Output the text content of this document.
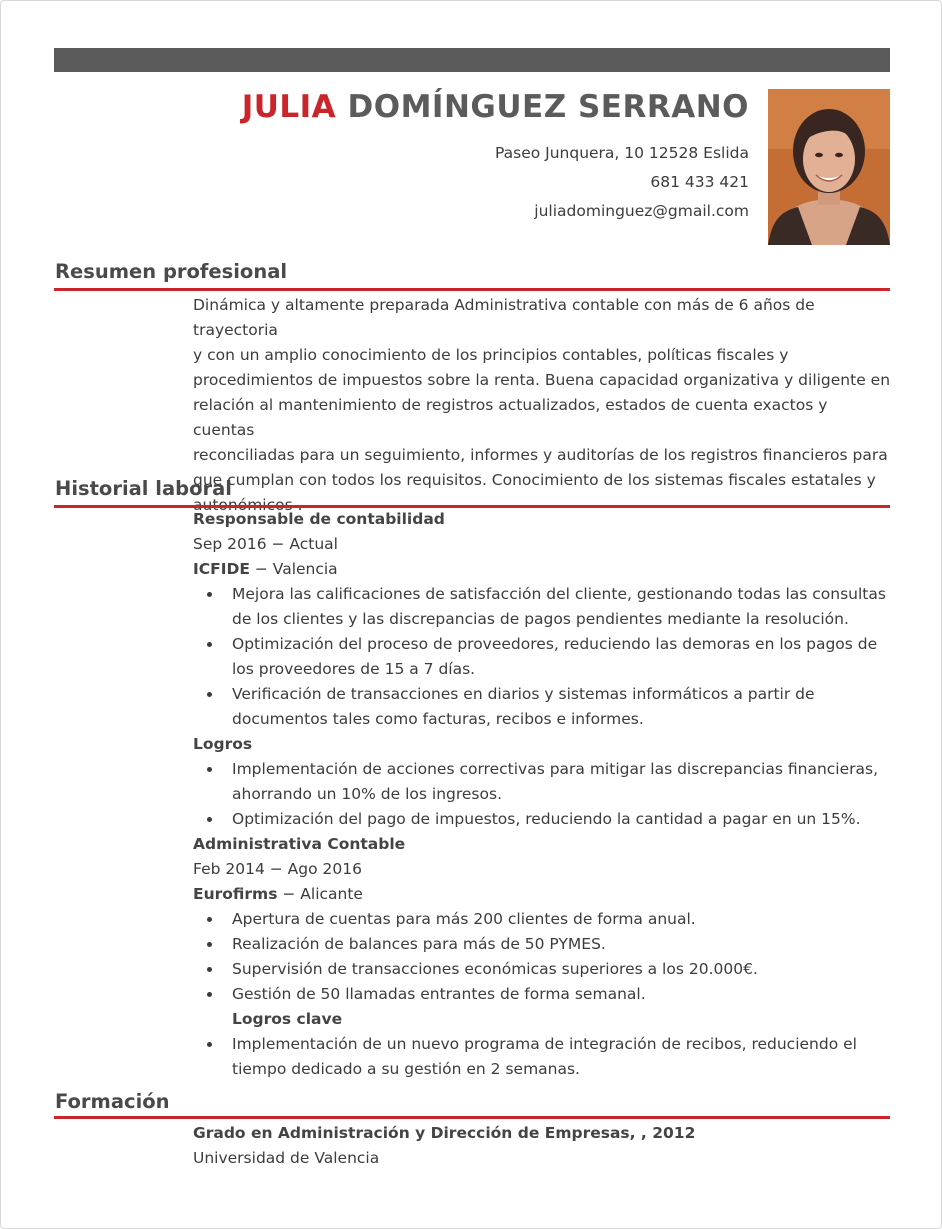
JULIA DOMÍNGUEZ SERRANO
Paseo Junquera, 10 12528 Eslida
681 433 421
juliadominguez@gmail.com
Resumen profesional

Dinámica y altamente preparada Administrativa contable con más de 6 años de trayectoria

y con un amplio conocimiento de los principios contables, políticas fiscales y

procedimientos de impuestos sobre la renta. Buena capacidad organizativa y diligente en

relación al mantenimiento de registros actualizados, estados de cuenta exactos y cuentas

reconciliadas para un seguimiento, informes y auditorías de los registros financieros para

que cumplan con todos los requisitos. Conocimiento de los sistemas fiscales estatales y

Historial laboral

Responsable de contabilidad

Sep 2016 − Actual

ICFIDE − Valencia

Mejora las calificaciones de satisfacción del cliente, gestionando todas las consultas de los clientes y las discrepancias de pagos pendientes mediante la resolución.
Optimización del proceso de proveedores, reduciendo las demoras en los pagos de los proveedores de 15 a 7 días.
Verificación de transacciones en diarios y sistemas informáticos a partir de documentos tales como facturas, recibos e informes.

Logros

Implementación de acciones correctivas para mitigar las discrepancias financieras, ahorrando un 10% de los ingresos.
Optimización del pago de impuestos, reduciendo la cantidad a pagar en un 15%.

Administrativa Contable

Feb 2014 − Ago 2016

Eurofirms − Alicante

Apertura de cuentas para más 200 clientes de forma anual.
Realización de balances para más de 50 PYMES.
Supervisión de transacciones económicas superiores a los 20.000€.
Gestión de 50 llamadas entrantes de forma semanal.

Logros clave

Implementación de un nuevo programa de integración de recibos, reduciendo el tiempo dedicado a su gestión en 2 semanas.
Formación

Grado en Administración y Dirección de Empresas, , 2012

Universidad de Valencia
